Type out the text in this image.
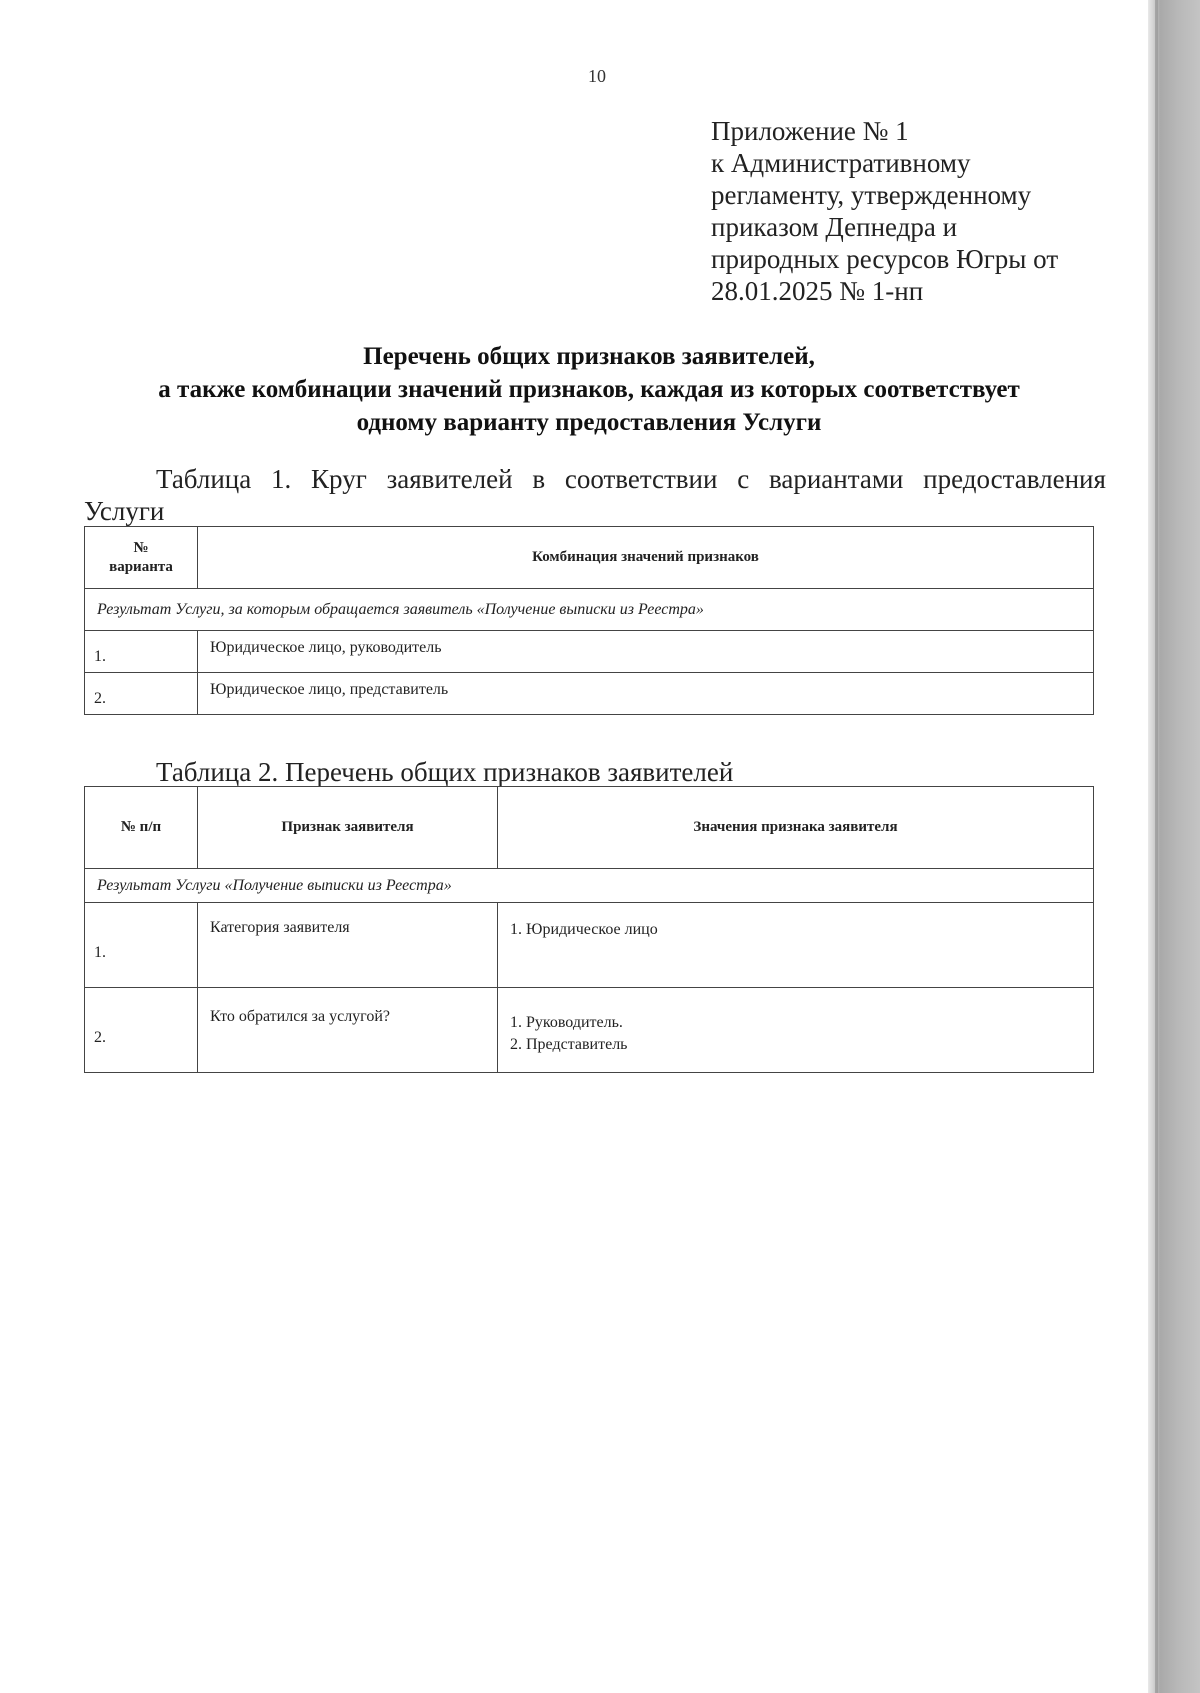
10
Приложение № 1
к Административному
регламенту, утвержденному
приказом Депнедра и
природных ресурсов Югры от
28.01.2025 № 1-нп
Перечень общих признаков заявителей,
а также комбинации значений признаков, каждая из которых соответствует
одному варианту предоставления Услуги
Таблица 1. Круг заявителей в соответствии с вариантами предоставления
Услуги
№
варианта	Комбинация значений признаков
Результат Услуги, за которым обращается заявитель «Получение выписки из Реестра»	
1.	Юридическое лицо, руководитель
2.	Юридическое лицо, представитель
Таблица 2. Перечень общих признаков заявителей
№ п/п	Признак заявителя	Значения признака заявителя
Результат Услуги «Получение выписки из Реестра»		
1.	Категория заявителя	1. Юридическое лицо

2.	Кто обратился за услугой?	1. Руководитель.
2. Представитель
